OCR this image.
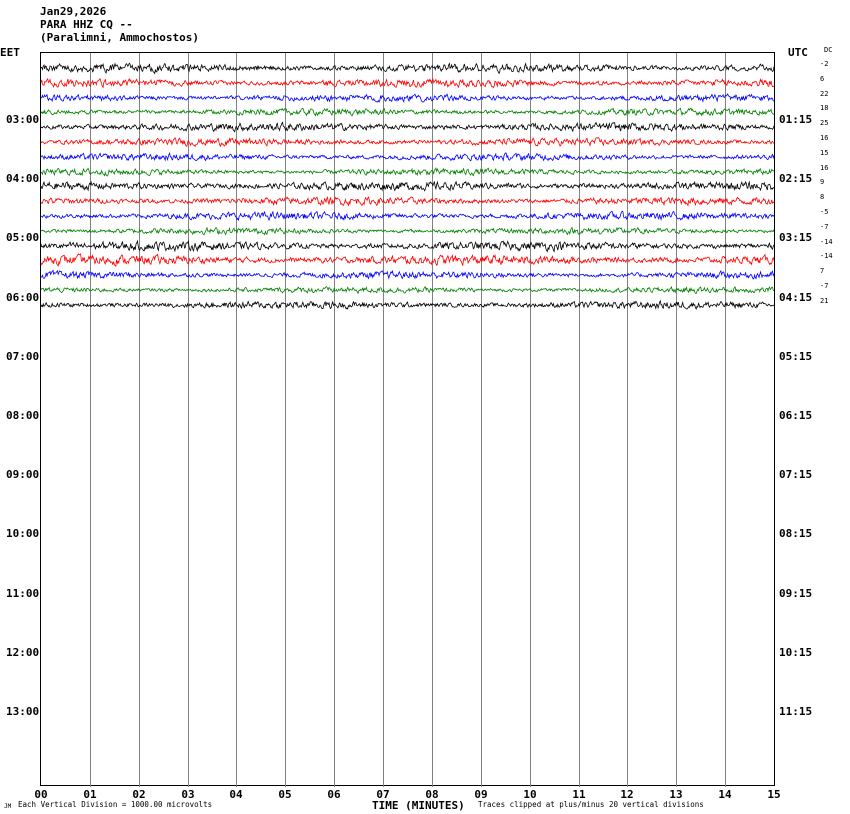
Jan29,2026
PARA HHZ CQ --
(Paralimni, Ammochostos)
EET	UTC DC
03:00
04:00
05:00
06:00
07:00
08:00
09:00
10:00
11:00
12:00
13:00
01:15
02:15
03:15
04:15
05:15
06:15
07:15
08:15
09:15
10:15
11:15
-2
6
22
18
25
16
15
16
9
8
-5
-7
-14
-14
7
-7
21
00	01	02	03	04	05	06	07	08	09	10	11	12	13	14	15
TIME (MINUTES)
Each Vertical Division = 1000.00 microvolts	Traces clipped at plus/minus 20 vertical divisions
JM
